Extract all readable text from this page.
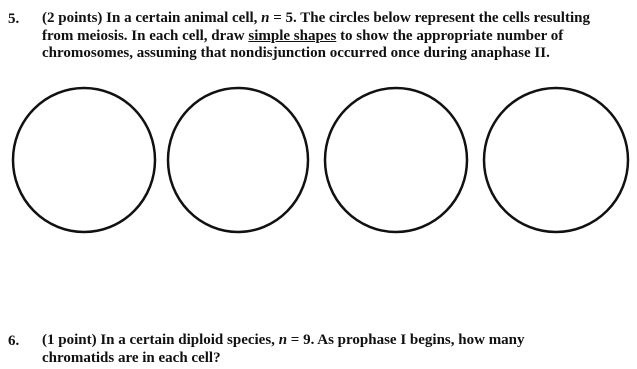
5. (2 points) In a certain animal cell, n = 5. The circles below represent the cells resulting
from meiosis. In each cell, draw simple shapes to show the appropriate number of
chromosomes, assuming that nondisjunction occurred once during anaphase II.
6. (1 point) In a certain diploid species, n = 9. As prophase I begins, how many
chromatids are in each cell?
